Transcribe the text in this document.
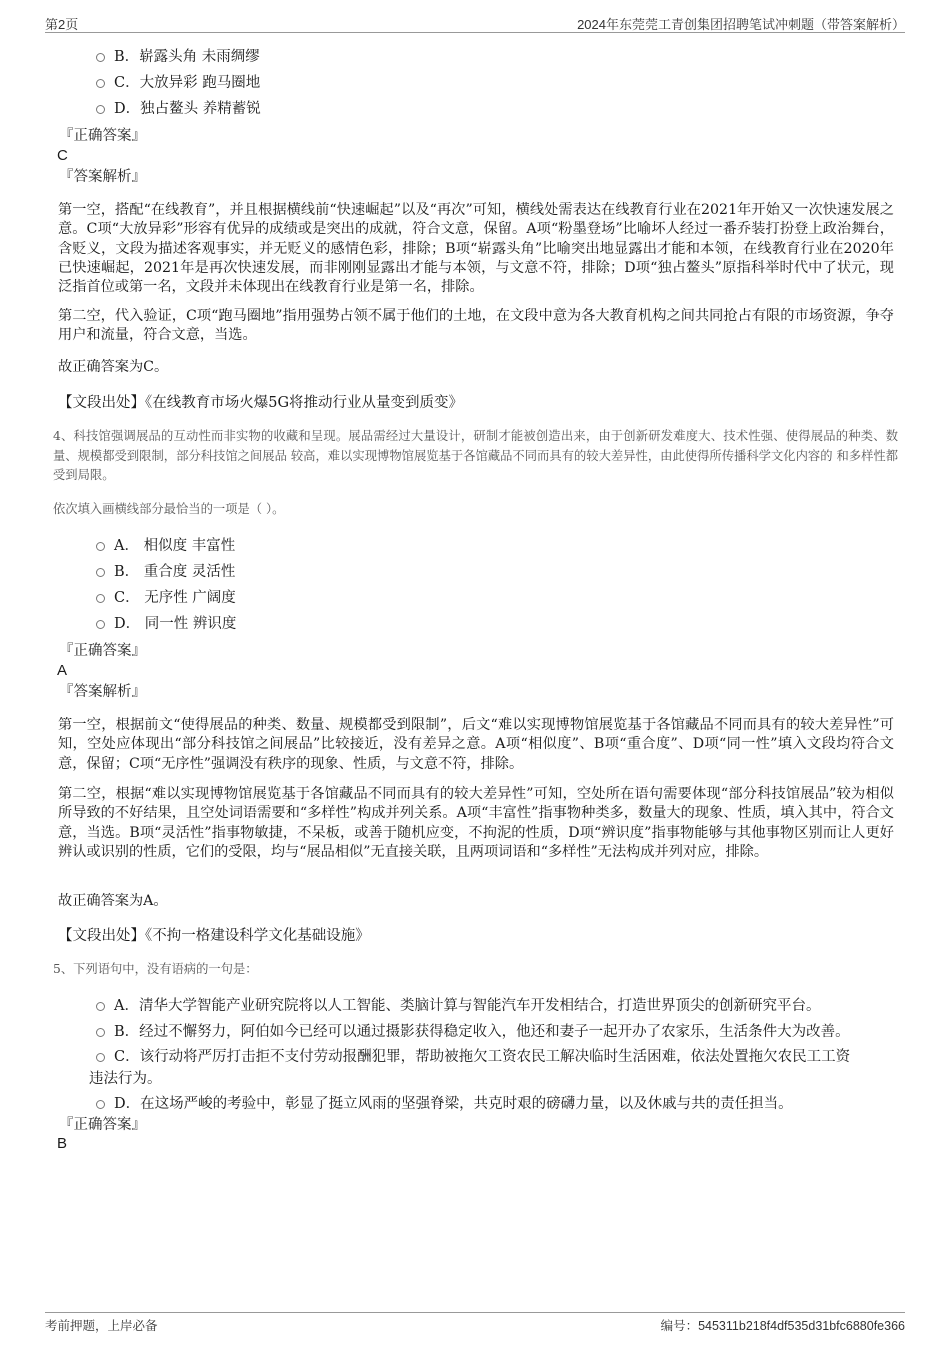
第2页	2024年东莞莞工青创集团招聘笔试冲刺题（带答案解析）
B．崭露头角 未雨绸缪
C．大放异彩 跑马圈地
D．独占鳌头 养精蓄锐
『正确答案』
C
『答案解析』
第一空，搭配“在线教育”，并且根据横线前“快速崛起”以及“再次”可知，横线处需表达在线教育行业在2021年开始又一次快速发展之意。C项“大放异彩”形容有优异的成绩或是突出的成就，符合文意，保留。A项“粉墨登场”比喻坏人经过一番乔装打扮登上政治舞台，含贬义，文段为描述客观事实，并无贬义的感情色彩，排除；B项“崭露头角”比喻突出地显露出才能和本领，在线教育行业在2020年已快速崛起，2021年是再次快速发展，而非刚刚显露出才能与本领，与文意不符，排除；D项“独占鳌头”原指科举时代中了状元，现泛指首位或第一名，文段并未体现出在线教育行业是第一名，排除。
第二空，代入验证，C项“跑马圈地”指用强势占领不属于他们的土地，在文段中意为各大教育机构之间共同抢占有限的市场资源，争夺用户和流量，符合文意，当选。
故正确答案为C。
【文段出处】《在线教育市场火爆5G将推动行业从量变到质变》
4、科技馆强调展品的互动性而非实物的收藏和呈现。展品需经过大量设计，研制才能被创造出来，由于创新研发难度大、技术性强、使得展品的种类、数量、规模都受到限制，部分科技馆之间展品 较高，难以实现博物馆展览基于各馆藏品不同而具有的较大差异性，由此使得所传播科学文化内容的 和多样性都受到局限。
依次填入画横线部分最恰当的一项是（ ）。
A． 相似度 丰富性
B． 重合度 灵活性
C． 无序性 广阔度
D． 同一性 辨识度
『正确答案』
A
『答案解析』
第一空，根据前文“使得展品的种类、数量、规模都受到限制”，后文“难以实现博物馆展览基于各馆藏品不同而具有的较大差异性”可知，空处应体现出“部分科技馆之间展品”比较接近，没有差异之意。A项“相似度”、B项“重合度”、D项“同一性”填入文段均符合文意，保留；C项“无序性”强调没有秩序的现象、性质，与文意不符，排除。
第二空，根据“难以实现博物馆展览基于各馆藏品不同而具有的较大差异性”可知，空处所在语句需要体现“部分科技馆展品”较为相似所导致的不好结果，且空处词语需要和“多样性”构成并列关系。A项“丰富性”指事物种类多，数量大的现象、性质，填入其中，符合文意，当选。B项“灵活性”指事物敏捷，不呆板，或善于随机应变，不拘泥的性质，D项“辨识度”指事物能够与其他事物区别而让人更好辨认或识别的性质，它们的受限，均与“展品相似”无直接关联，且两项词语和“多样性”无法构成并列对应，排除。
故正确答案为A。
【文段出处】《不拘一格建设科学文化基础设施》
5、下列语句中，没有语病的一句是：
A．清华大学智能产业研究院将以人工智能、类脑计算与智能汽车开发相结合，打造世界顶尖的创新研究平台。
B．经过不懈努力，阿伯如今已经可以通过摄影获得稳定收入，他还和妻子一起开办了农家乐，生活条件大为改善。
C．该行动将严厉打击拒不支付劳动报酬犯罪，帮助被拖欠工资农民工解决临时生活困难，依法处置拖欠农民工工资
违法行为。
D．在这场严峻的考验中，彰显了挺立风雨的坚强脊梁，共克时艰的磅礴力量，以及休戚与共的责任担当。
『正确答案』
B
考前押题，上岸必备	编号：545311b218f4df535d31bfc6880fe366
